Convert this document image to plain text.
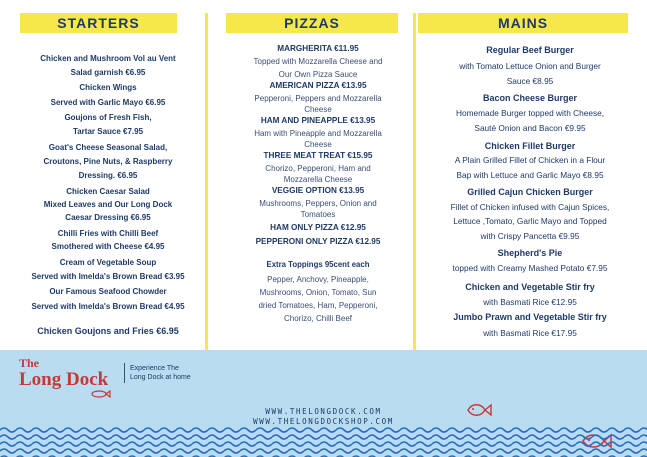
STARTERS
Chicken and Mushroom Vol au Vent
Salad garnish €6.95
Chicken Wings
Served with Garlic Mayo €6.95
Goujons of Fresh Fish,
Tartar Sauce €7.95
Goat's Cheese Seasonal Salad,
Croutons, Pine Nuts, & Raspberry
Dressing. €6.95
Chicken Caesar Salad
Mixed Leaves and Our Long Dock
Caesar Dressing €6.95
Chilli Fries with Chilli Beef
Smothered with Cheese €4.95
Cream of Vegetable Soup
Served with Imelda's Brown Bread €3.95
Our Famous Seafood Chowder
Served with Imelda's Brown Bread €4.95
Chicken Goujons and Fries €6.95
PIZZAS
MARGHERITA €11.95
Topped with Mozzarella Cheese and
Our Own Pizza Sauce
AMERICAN PIZZA €13.95
Pepperoni, Peppers and Mozzarella
Cheese
HAM AND PINEAPPLE €13.95
Ham with Pineapple and Mozzarella
Cheese
THREE MEAT TREAT €15.95
Chorizo, Pepperoni, Ham and
Mozzarella Cheese
VEGGIE OPTION €13.95
Mushrooms, Peppers, Onion and
Tomatoes
HAM ONLY PIZZA €12.95
PEPPERONI ONLY PIZZA €12.95
Extra Toppings 95cent each
Pepper, Anchovy, Pineapple,
Mushrooms, Onion, Tomato, Sun
dried Tomatoes, Ham, Pepperoni,
Chorizo, Chilli Beef
MAINS
Regular Beef Burger
with Tomato Lettuce Onion and Burger
Sauce €8.95
Bacon Cheese Burger
Homemade Burger topped with Cheese,
Sauté Onion and Bacon €9.95
Chicken Fillet Burger
A Plain Grilled Fillet of Chicken in a Flour
Bap with Lettuce and Garlic Mayo €8.95
Grilled Cajun Chicken Burger
Fillet of Chicken infused with Cajun Spices,
Lettuce ,Tomato, Garlic Mayo and Topped
with Crispy Pancetta €9.95
Shepherd's Pie
topped with Creamy Mashed Potato €7.95
Chicken and Vegetable Stir fry
with Basmati Rice €12.95
Jumbo Prawn and Vegetable Stir fry
with Basmati Rice €17.95
The
Long Dock
Experience The
Long Dock at home
WWW.THELONGDOCK.COM
WWW.THELONGDOCKSHOP.COM
